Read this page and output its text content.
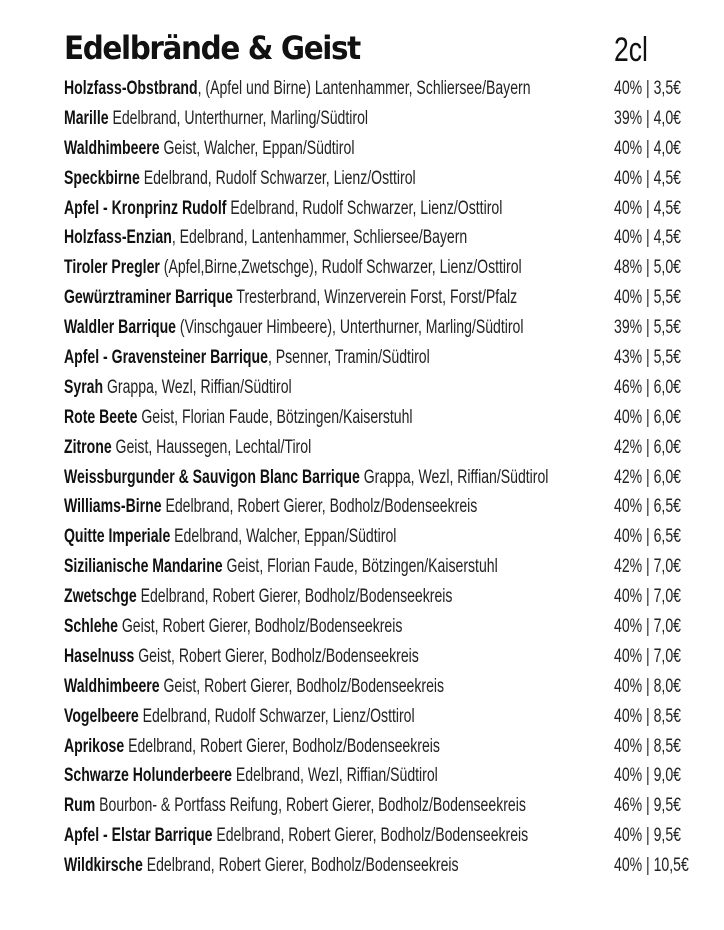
Edelbrände & Geist	2cl
Holzfass-Obstbrand, (Apfel und Birne) Lantenhammer, Schliersee/Bayern	40% | 3,5€
Marille Edelbrand, Unterthurner, Marling/Südtirol	39% | 4,0€
Waldhimbeere Geist, Walcher, Eppan/Südtirol	40% | 4,0€
Speckbirne Edelbrand, Rudolf Schwarzer, Lienz/Osttirol	40% | 4,5€
Apfel - Kronprinz Rudolf Edelbrand, Rudolf Schwarzer, Lienz/Osttirol	40% | 4,5€
Holzfass-Enzian, Edelbrand, Lantenhammer, Schliersee/Bayern	40% | 4,5€
Tiroler Pregler (Apfel,Birne,Zwetschge), Rudolf Schwarzer, Lienz/Osttirol	48% | 5,0€
Gewürztraminer Barrique Tresterbrand, Winzerverein Forst, Forst/Pfalz	40% | 5,5€
Waldler Barrique (Vinschgauer Himbeere), Unterthurner, Marling/Südtirol	39% | 5,5€
Apfel - Gravensteiner Barrique, Psenner, Tramin/Südtirol	43% | 5,5€
Syrah Grappa, Wezl, Riffian/Südtirol	46% | 6,0€
Rote Beete Geist, Florian Faude, Bötzingen/Kaiserstuhl	40% | 6,0€
Zitrone Geist, Haussegen, Lechtal/Tirol	42% | 6,0€
Weissburgunder & Sauvigon Blanc Barrique Grappa, Wezl, Riffian/Südtirol	42% | 6,0€
Williams-Birne Edelbrand, Robert Gierer, Bodholz/Bodenseekreis	40% | 6,5€
Quitte Imperiale Edelbrand, Walcher, Eppan/Südtirol	40% | 6,5€
Sizilianische Mandarine Geist, Florian Faude, Bötzingen/Kaiserstuhl	42% | 7,0€
Zwetschge Edelbrand, Robert Gierer, Bodholz/Bodenseekreis	40% | 7,0€
Schlehe Geist, Robert Gierer, Bodholz/Bodenseekreis	40% | 7,0€
Haselnuss Geist, Robert Gierer, Bodholz/Bodenseekreis	40% | 7,0€
Waldhimbeere Geist, Robert Gierer, Bodholz/Bodenseekreis	40% | 8,0€
Vogelbeere Edelbrand, Rudolf Schwarzer, Lienz/Osttirol	40% | 8,5€
Aprikose Edelbrand, Robert Gierer, Bodholz/Bodenseekreis	40% | 8,5€
Schwarze Holunderbeere Edelbrand, Wezl, Riffian/Südtirol	40% | 9,0€
Rum Bourbon- & Portfass Reifung, Robert Gierer, Bodholz/Bodenseekreis	46% | 9,5€
Apfel - Elstar Barrique Edelbrand, Robert Gierer, Bodholz/Bodenseekreis	40% | 9,5€
Wildkirsche Edelbrand, Robert Gierer, Bodholz/Bodenseekreis	40% | 10,5€
